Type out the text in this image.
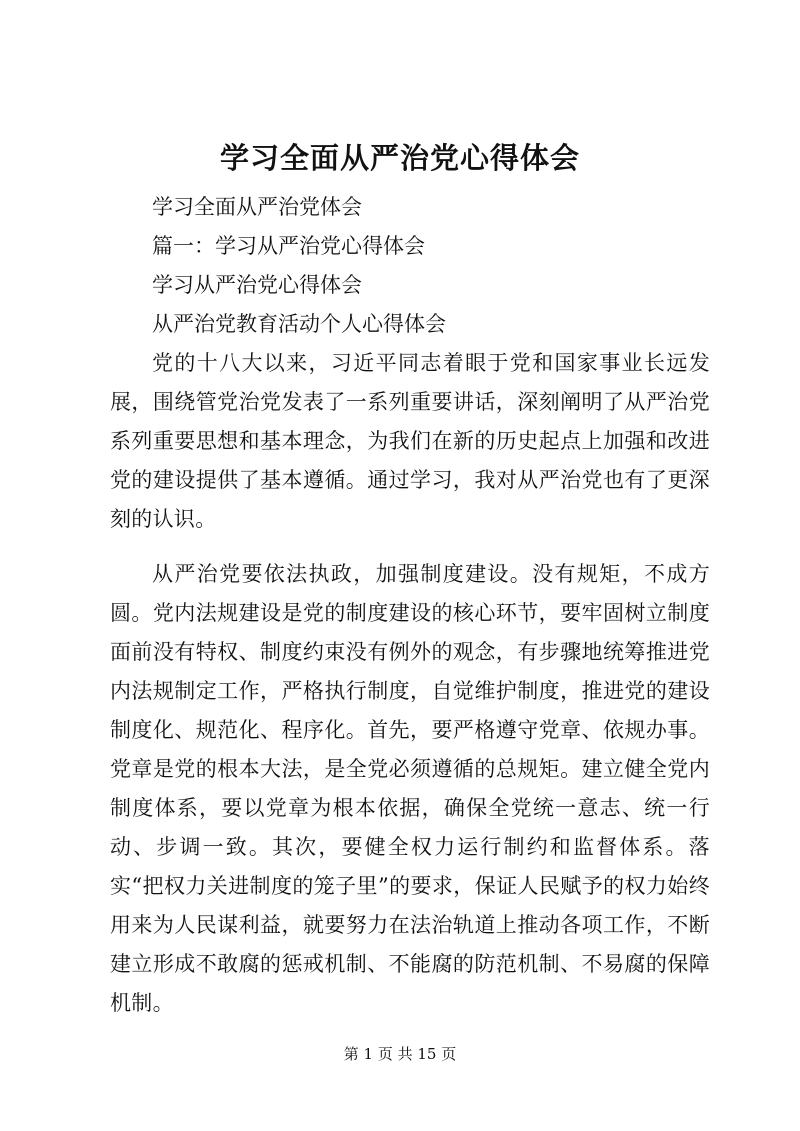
学习全面从严治党心得体会

学习全面从严治党体会

篇一：学习从严治党心得体会

学习从严治党心得体会

从严治党教育活动个人心得体会

党的十八大以来，习近平同志着眼于党和国家事业长远发展，围绕管党治党发表了一系列重要讲话，深刻阐明了从严治党系列重要思想和基本理念，为我们在新的历史起点上加强和改进党的建设提供了基本遵循。通过学习，我对从严治党也有了更深刻的认识。

从严治党要依法执政，加强制度建设。没有规矩，不成方圆。党内法规建设是党的制度建设的核心环节，要牢固树立制度面前没有特权、制度约束没有例外的观念，有步骤地统筹推进党内法规制定工作，严格执行制度，自觉维护制度，推进党的建设制度化、规范化、程序化。首先，要严格遵守党章、依规办事。党章是党的根本大法，是全党必须遵循的总规矩。建立健全党内制度体系，要以党章为根本依据，确保全党统一意志、统一行动、步调一致。其次，要健全权力运行制约和监督体系。落实“把权力关进制度的笼子里”的要求，保证人民赋予的权力始终用来为人民谋利益，就要努力在法治轨道上推动各项工作，不断建立形成不敢腐的惩戒机制、不能腐的防范机制、不易腐的保障机制。

第 1 页 共 15 页
